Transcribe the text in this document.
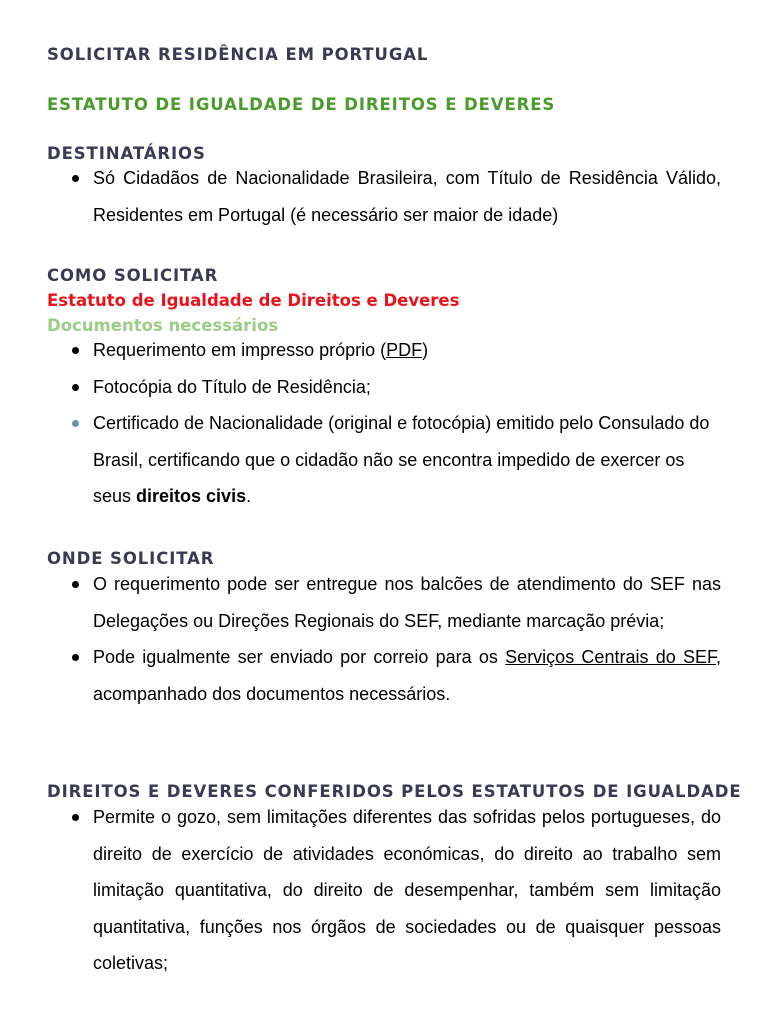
SOLICITAR RESIDÊNCIA EM PORTUGAL
ESTATUTO DE IGUALDADE DE DIREITOS E DEVERES
DESTINATÁRIOS
Só Cidadãos de Nacionalidade Brasileira, com Título de Residência Válido, Residentes em Portugal (é necessário ser maior de idade)
COMO SOLICITAR
Estatuto de Igualdade de Direitos e Deveres
Documentos necessários
Requerimento em impresso próprio (PDF)
Fotocópia do Título de Residência;
Certificado de Nacionalidade (original e fotocópia) emitido pelo Consulado do Brasil, certificando que o cidadão não se encontra impedido de exercer os seus direitos civis.
ONDE SOLICITAR
O requerimento pode ser entregue nos balcões de atendimento do SEF nas Delegações ou Direções Regionais do SEF, mediante marcação prévia;
Pode igualmente ser enviado por correio para os Serviços Centrais do SEF, acompanhado dos documentos necessários.
DIREITOS E DEVERES CONFERIDOS PELOS ESTATUTOS DE IGUALDADE
Permite o gozo, sem limitações diferentes das sofridas pelos portugueses, do direito de exercício de atividades económicas, do direito ao trabalho sem limitação quantitativa, do direito de desempenhar, também sem limitação quantitativa, funções nos órgãos de sociedades ou de quaisquer pessoas coletivas;
